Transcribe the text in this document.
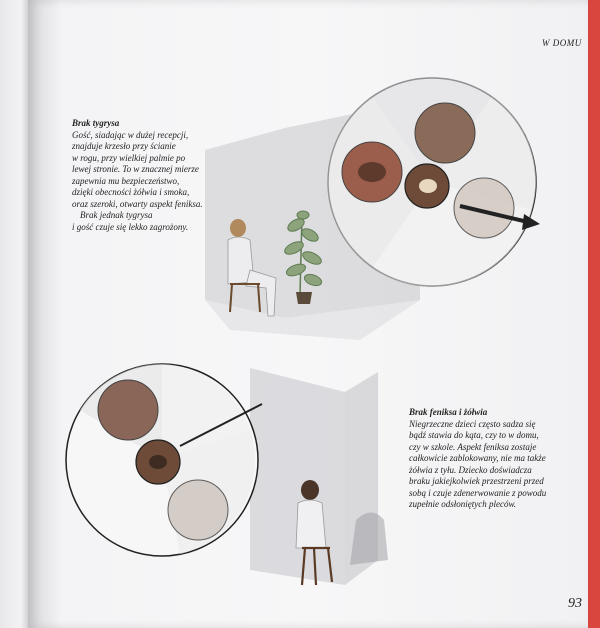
W DOMU
Brak tygrysa
Gość, siadając w dużej recepcji,
znajduje krzesło przy ścianie
w rogu, przy wielkiej palmie po
lewej stronie. To w znacznej mierze
zapewnia mu bezpieczeństwo,
dzięki obecności żółwia i smoka,
oraz szeroki, otwarty aspekt feniksa.
Brak jednak tygrysa
i gość czuje się lekko zagrożony.
Brak feniksa i żółwia
Niegrzeczne dzieci często sadza się
bądź stawia do kąta, czy to w domu,
czy w szkole. Aspekt feniksa zostaje
całkowicie zablokowany, nie ma także
żółwia z tyłu. Dziecko doświadcza
braku jakiejkolwiek przestrzeni przed
sobą i czuje zdenerwowanie z powodu
zupełnie odsłoniętych pleców.
93
